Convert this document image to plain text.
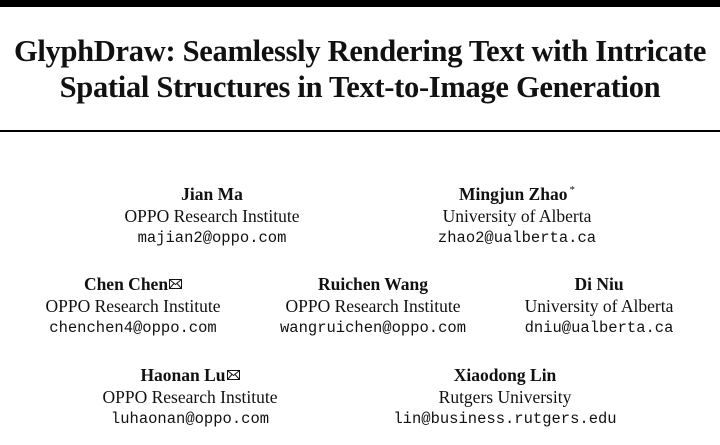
GlyphDraw: Seamlessly Rendering Text with Intricate
Spatial Structures in Text-to-Image Generation
Jian Ma
OPPO Research Institute
majian2@oppo.com
Mingjun Zhao *
University of Alberta
zhao2@ualberta.ca
Chen Chen
OPPO Research Institute
chenchen4@oppo.com
Ruichen Wang
OPPO Research Institute
wangruichen@oppo.com
Di Niu
University of Alberta
dniu@ualberta.ca
Haonan Lu
OPPO Research Institute
luhaonan@oppo.com
Xiaodong Lin
Rutgers University
lin@business.rutgers.edu
